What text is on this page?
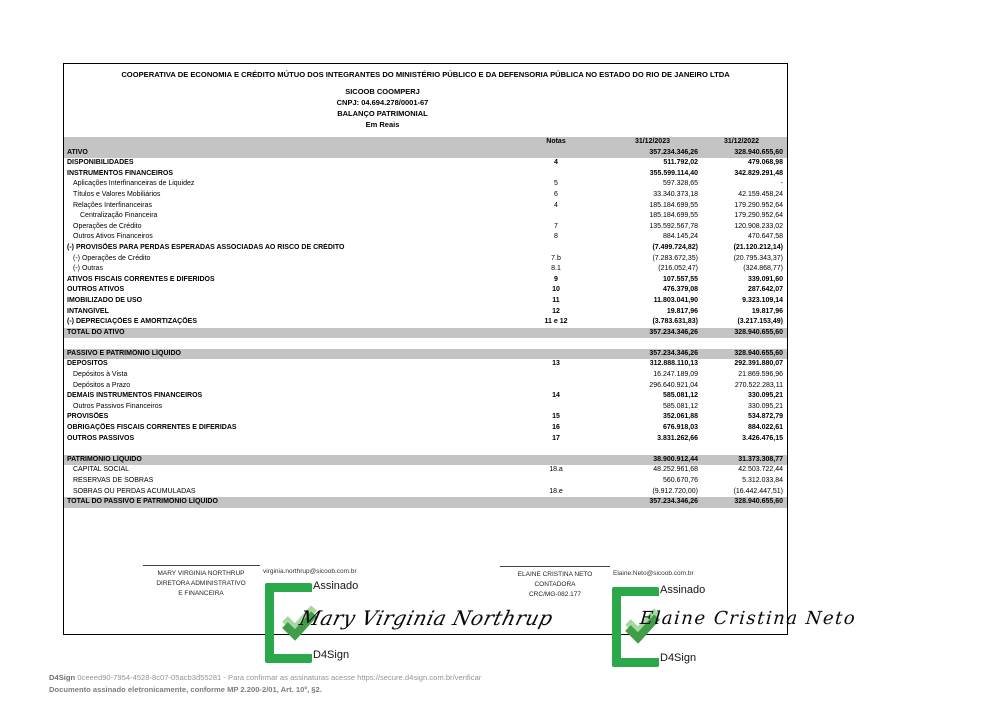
COOPERATIVA DE ECONOMIA E CRÉDITO MÚTUO DOS INTEGRANTES DO MINISTÉRIO PÚBLICO E DA DEFENSORIA PÚBLICA NO ESTADO DO RIO DE JANEIRO LTDA
SICOOB COOMPERJ
CNPJ: 04.694.278/0001-67
BALANÇO PATRIMONIAL
Em Reais
Notas	31/12/2023	31/12/2022
ATIVO	357.234.346,26	328.940.655,60
DISPONIBILIDADES	4	511.792,02	479.068,98
INSTRUMENTOS FINANCEIROS	355.599.114,40	342.829.291,48
Aplicações Interfinanceiras de Liquidez	5	597.328,65	-
Títulos e Valores Mobiliários	6	33.340.373,18	42.159.458,24
Relações Interfinanceiras	4	185.184.699,55	179.290.952,64
Centralização Financeira	185.184.699,55	179.290.952,64
Operações de Crédito	7	135.592.567,78	120.908.233,02
Outros Ativos Financeiros	8	884.145,24	470.647,58
(-) PROVISÕES PARA PERDAS ESPERADAS ASSOCIADAS AO RISCO DE CRÉDITO	(7.499.724,82)	(21.120.212,14)
(-) Operações de Crédito	7.b	(7.283.672,35)	(20.795.343,37)
(-) Outras	8.1	(216.052,47)	(324.868,77)
ATIVOS FISCAIS CORRENTES E DIFERIDOS	9	107.557,55	339.091,60
OUTROS ATIVOS	10	476.379,08	287.642,07
IMOBILIZADO DE USO	11	11.803.041,90	9.323.109,14
INTANGÍVEL	12	19.817,96	19.817,96
(-) DEPRECIAÇÕES E AMORTIZAÇÕES	11 e 12	(3.783.631,83)	(3.217.153,49)
TOTAL DO ATIVO	357.234.346,26	328.940.655,60
PASSIVO E PATRIMÔNIO LÍQUIDO	357.234.346,26	328.940.655,60
DEPÓSITOS	13	312.888.110,13	292.391.880,07
Depósitos à Vista	16.247.189,09	21.869.596,96
Depósitos a Prazo	296.640.921,04	270.522.283,11
DEMAIS INSTRUMENTOS FINANCEIROS	14	585.081,12	330.095,21
Outros Passivos Financeiros	585.081,12	330.095,21
PROVISÕES	15	352.061,88	534.872,79
OBRIGAÇÕES FISCAIS CORRENTES E DIFERIDAS	16	676.918,03	884.022,61
OUTROS PASSIVOS	17	3.831.262,66	3.426.476,15
PATRIMÔNIO LÍQUIDO	38.900.912,44	31.373.308,77
CAPITAL SOCIAL	18.a	48.252.961,68	42.503.722,44
RESERVAS DE SOBRAS	560.670,76	5.312.033,84
SOBRAS OU PERDAS ACUMULADAS	18.e	(9.912.720,00)	(16.442.447,51)
TOTAL DO PASSIVO E PATRIMÔNIO LÍQUIDO	357.234.346,26	328.940.655,60
MARY VIRGINIA NORTHRUP
DIRETORA ADMINISTRATIVO
E FINANCEIRA
virginia.northrup@sicoob.com.br
Assinado
Mary Virginia Northrup
D4Sign
ELAINE CRISTINA NETO
CONTADORA
CRC/MG-082.177
Elaine.Neto@sicoob.com.br
Assinado
Elaine Cristina Neto
D4Sign
D4Sign 0ceeed90-7954-4528-8c07-05acb3d55281 - Para confirmar as assinaturas acesse https://secure.d4sign.com.br/verificar
Documento assinado eletronicamente, conforme MP 2.200-2/01, Art. 10º, §2.
